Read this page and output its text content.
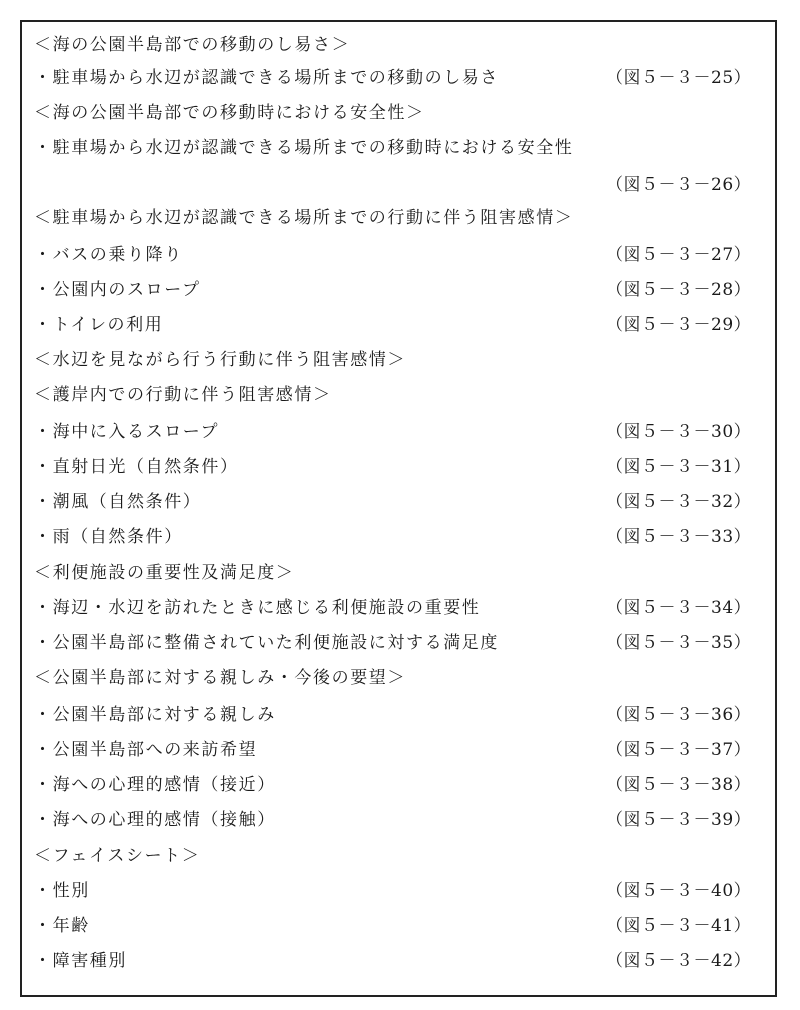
＜海の公園半島部での移動のし易さ＞
・駐車場から水辺が認識できる場所までの移動のし易さ	（図５－３－25）
＜海の公園半島部での移動時における安全性＞
・駐車場から水辺が認識できる場所までの移動時における安全性
（図５－３－26）
＜駐車場から水辺が認識できる場所までの行動に伴う阻害感情＞
・バスの乗り降り	（図５－３－27）
・公園内のスロープ	（図５－３－28）
・トイレの利用	（図５－３－29）
＜水辺を見ながら行う行動に伴う阻害感情＞
＜護岸内での行動に伴う阻害感情＞
・海中に入るスロープ	（図５－３－30）
・直射日光（自然条件）	（図５－３－31）
・潮風（自然条件）	（図５－３－32）
・雨（自然条件）	（図５－３－33）
＜利便施設の重要性及満足度＞
・海辺・水辺を訪れたときに感じる利便施設の重要性	（図５－３－34）
・公園半島部に整備されていた利便施設に対する満足度	（図５－３－35）
＜公園半島部に対する親しみ・今後の要望＞
・公園半島部に対する親しみ	（図５－３－36）
・公園半島部への来訪希望	（図５－３－37）
・海への心理的感情（接近）	（図５－３－38）
・海への心理的感情（接触）	（図５－３－39）
＜フェイスシート＞
・性別	（図５－３－40）
・年齢	（図５－３－41）
・障害種別	（図５－３－42）
